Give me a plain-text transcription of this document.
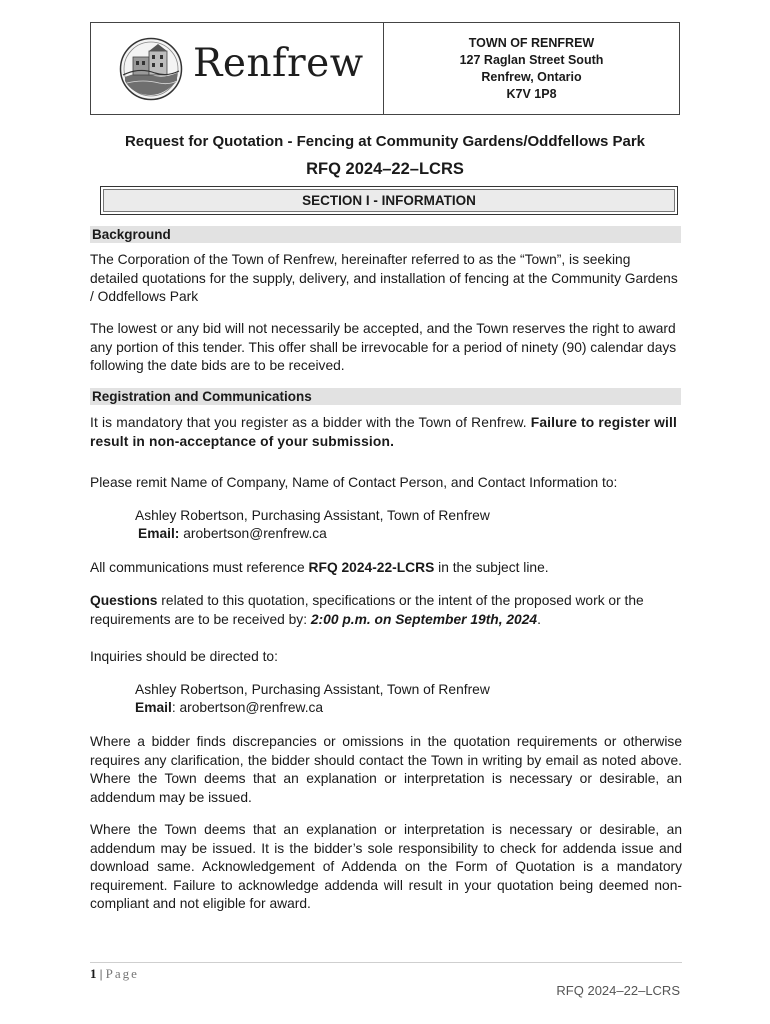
Renfrew	TOWN OF RENFREW
127 Raglan Street South
Renfrew, Ontario
K7V 1P8
Request for Quotation - Fencing at Community Gardens/Oddfellows Park
RFQ 2024–22–LCRS
SECTION I - INFORMATION
Background
The Corporation of the Town of Renfrew, hereinafter referred to as the “Town”, is seeking detailed quotations for the supply, delivery, and installation of fencing at the Community Gardens / Oddfellows Park
The lowest or any bid will not necessarily be accepted, and the Town reserves the right to award any portion of this tender. This offer shall be irrevocable for a period of ninety (90) calendar days following the date bids are to be received.
Registration and Communications
It is mandatory that you register as a bidder with the Town of Renfrew. Failure to register will result in non-acceptance of your submission.
Please remit Name of Company, Name of Contact Person, and Contact Information to:
Ashley Robertson, Purchasing Assistant, Town of Renfrew
Email: arobertson@renfrew.ca
All communications must reference RFQ 2024-22-LCRS in the subject line.
Questions related to this quotation, specifications or the intent of the proposed work or the requirements are to be received by: 2:00 p.m. on September 19th, 2024.
Inquiries should be directed to:
Ashley Robertson, Purchasing Assistant, Town of Renfrew
Email: arobertson@renfrew.ca
Where a bidder finds discrepancies or omissions in the quotation requirements or otherwise requires any clarification, the bidder should contact the Town in writing by email as noted above. Where the Town deems that an explanation or interpretation is necessary or desirable, an addendum may be issued.
Where the Town deems that an explanation or interpretation is necessary or desirable, an addendum may be issued. It is the bidder’s sole responsibility to check for addenda issue and download same. Acknowledgement of Addenda on the Form of Quotation is a mandatory requirement. Failure to acknowledge addenda will result in your quotation being deemed non-compliant and not eligible for award.
1 | Page
RFQ 2024–22–LCRS
